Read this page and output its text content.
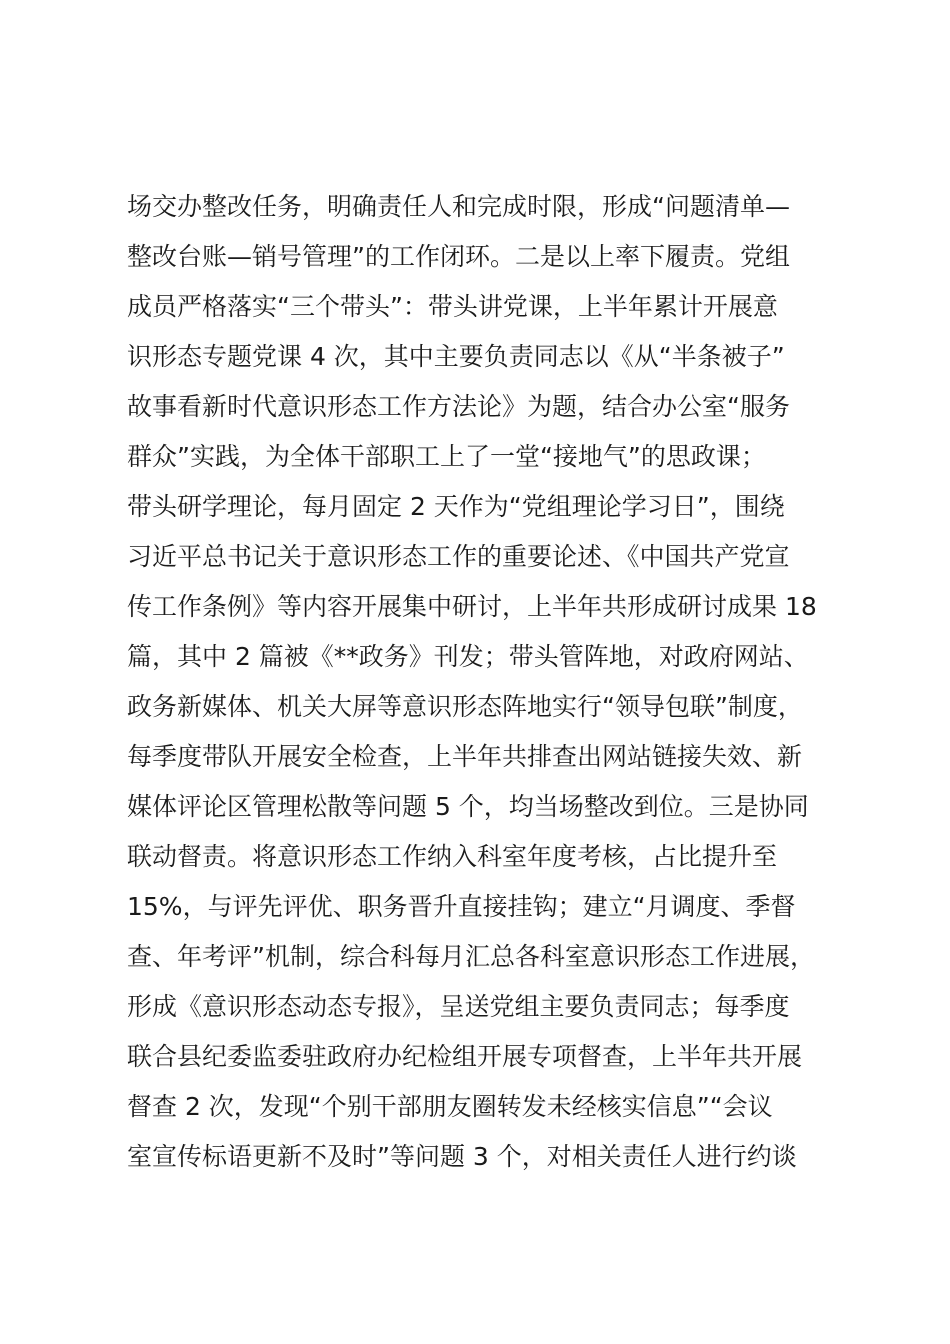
场交办整改任务，明确责任人和完成时限，形成“问题清单—
整改台账—销号管理”的工作闭环。二是以上率下履责。党组
成员严格落实“三个带头”：带头讲党课，上半年累计开展意
识形态专题党课 4 次，其中主要负责同志以《从“半条被子”
故事看新时代意识形态工作方法论》为题，结合办公室“服务
群众”实践，为全体干部职工上了一堂“接地气”的思政课；
带头研学理论，每月固定 2 天作为“党组理论学习日”，围绕
习近平总书记关于意识形态工作的重要论述、《中国共产党宣
传工作条例》等内容开展集中研讨，上半年共形成研讨成果 18
篇，其中 2 篇被《**政务》刊发；带头管阵地，对政府网站、
政务新媒体、机关大屏等意识形态阵地实行“领导包联”制度，
每季度带队开展安全检查，上半年共排查出网站链接失效、新
媒体评论区管理松散等问题 5 个，均当场整改到位。三是协同
联动督责。将意识形态工作纳入科室年度考核，占比提升至
15%，与评先评优、职务晋升直接挂钩；建立“月调度、季督
查、年考评”机制，综合科每月汇总各科室意识形态工作进展，
形成《意识形态动态专报》，呈送党组主要负责同志；每季度
联合县纪委监委驻政府办纪检组开展专项督查，上半年共开展
督查 2 次，发现“个别干部朋友圈转发未经核实信息”“会议
室宣传标语更新不及时”等问题 3 个，对相关责任人进行约谈
